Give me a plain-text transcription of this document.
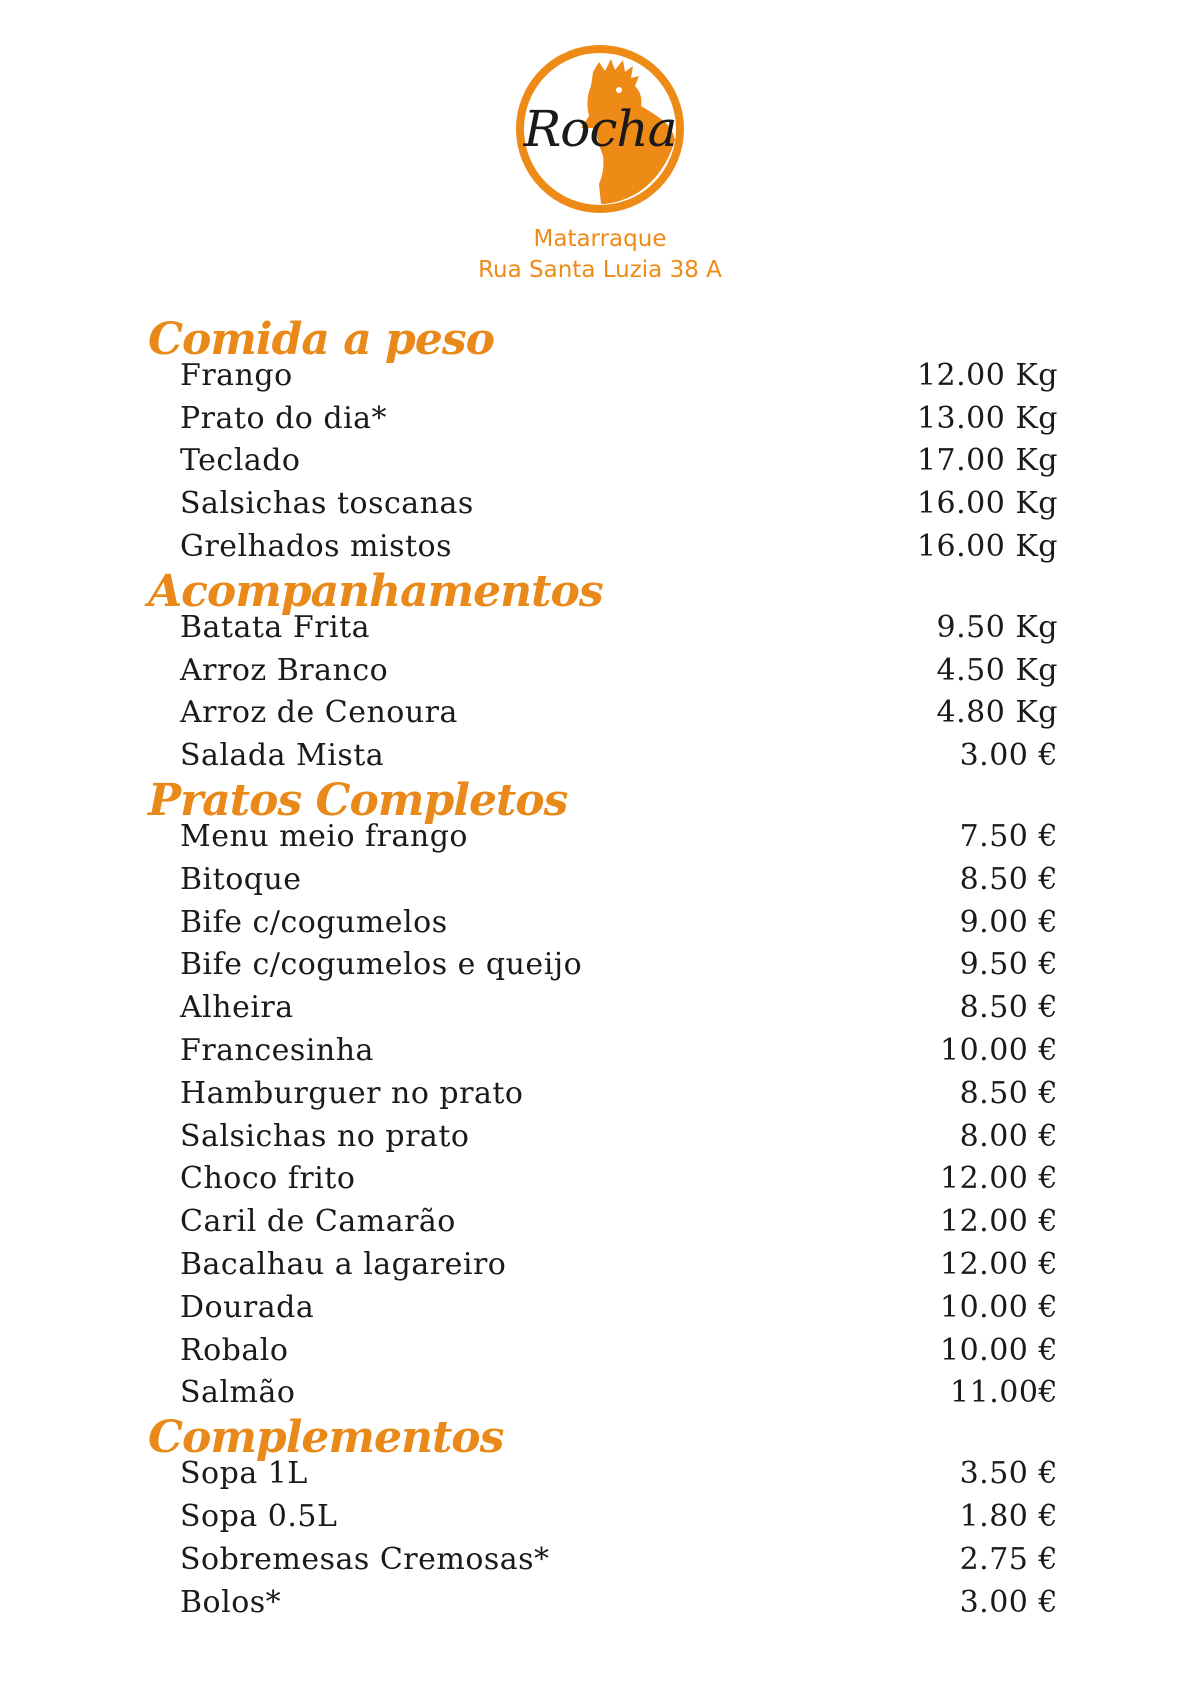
Rocha
Matarraque
Rua Santa Luzia 38 A
Comida a peso
Frango	12.00 Kg
Prato do dia*	13.00 Kg
Teclado	17.00 Kg
Salsichas toscanas	16.00 Kg
Grelhados mistos	16.00 Kg
Acompanhamentos
Batata Frita	9.50 Kg
Arroz Branco	4.50 Kg
Arroz de Cenoura	4.80 Kg
Salada Mista	3.00 €
Pratos Completos
Menu meio frango	7.50 €
Bitoque	8.50 €
Bife c/cogumelos	9.00 €
Bife c/cogumelos e queijo	9.50 €
Alheira	8.50 €
Francesinha	10.00 €
Hamburguer no prato	8.50 €
Salsichas no prato	8.00 €
Choco frito	12.00 €
Caril de Camarão	12.00 €
Bacalhau a lagareiro	12.00 €
Dourada	10.00 €
Robalo	10.00 €
Salmão	11.00€
Complementos
Sopa 1L	3.50 €
Sopa 0.5L	1.80 €
Sobremesas Cremosas*	2.75 €
Bolos*	3.00 €
